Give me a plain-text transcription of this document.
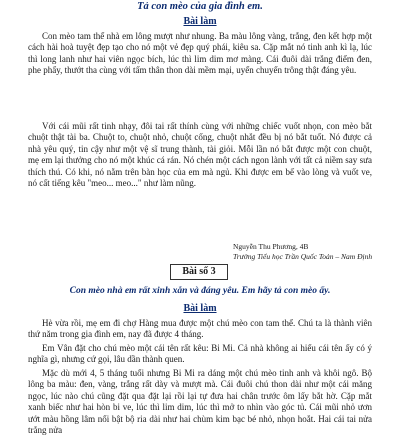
Tả con mèo của gia đình em.
Bài làm

Con mèo tam thể nhà em lông mượt như nhung. Ba màu lông vàng, trắng, đen kết hợp một cách hài hoà tuyệt đẹp tạo cho nó một vẻ đẹp quý phái, kiêu sa. Cặp mắt nó tinh anh kì lạ, lúc thì long lanh như hai viên ngọc bích, lúc thì lim dim mơ màng. Cái đuôi dài trắng điểm đen, phe phẩy, thướt tha cùng với tấm thân thon dài mềm mại, uyển chuyển trông thật đáng yêu.

Với cái mũi rất tinh nhạy, đôi tai rất thính cùng với những chiếc vuốt nhọn, con mèo bắt chuột thật tài ba. Chuột to, chuột nhỏ, chuột cống, chuột nhắt đều bị nó bắt tuốt. Nó được cả nhà yêu quý, tin cậy như một vệ sĩ trung thành, tài giỏi. Mỗi lần nó bắt được một con chuột, mẹ em lại thưởng cho nó một khúc cá rán. Nó chén một cách ngon lành với tất cả niềm say sưa thích thú. Có khi, nó nằm trên bàn học của em mà ngủ. Khi được em bế vào lòng và vuốt ve, nó cất tiếng kêu "meo... meo..." như làm nũng.

Nguyễn Thu Phương, 4B
Trường Tiểu học Trần Quốc Toản – Nam Định
Bài số 3
Con mèo nhà em rất xinh xắn và đáng yêu. Em hãy tả con mèo ấy.
Bài làm

Hè vừa rồi, mẹ em đi chợ Hàng mua được một chú mèo con tam thể. Chú ta là thành viên thứ năm trong gia đình em, nay đã được 4 tháng.

Em Vân đặt cho chú mèo một cái tên rất kêu: Bi Mi. Cả nhà không ai hiểu cái tên ấy có ý nghĩa gì, nhưng cứ gọi, lâu dần thành quen.

Mặc dù mới 4, 5 tháng tuổi nhưng Bi Mi ra dáng một chú mèo tinh anh và khôi ngô. Bộ lông ba màu: đen, vàng, trắng rất dày và mượt mà. Cái đuôi chú thon dài như một cái măng ngọc, lúc nào chú cũng đặt qua đặt lại rồi lại tự đưa hai chân trước ôm lấy bắt hờ. Cặp mắt xanh biếc như hai hòn bi ve, lúc thì lim dim, lúc thì mở to nhìn vào góc tủ. Cái mũi nhỏ ươn ướt màu hồng lâm nổi bật bộ ria dài như hai chùm kim bạc bé nhỏ, nhọn hoắt. Hai cái tai nửa trắng nửa
